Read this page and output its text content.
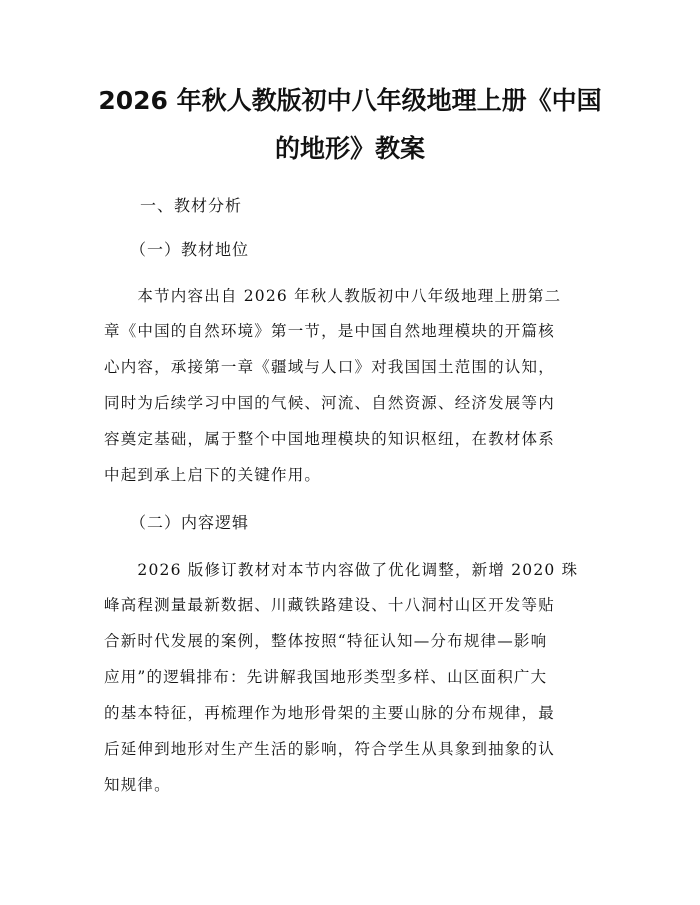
2026 年秋人教版初中八年级地理上册《中国
的地形》教案

一、教材分析

（一）教材地位

　　本节内容出自 2026 年秋人教版初中八年级地理上册第二
章《中国的自然环境》第一节，是中国自然地理模块的开篇核
心内容，承接第一章《疆域与人口》对我国国土范围的认知，
同时为后续学习中国的气候、河流、自然资源、经济发展等内
容奠定基础，属于整个中国地理模块的知识枢纽，在教材体系
中起到承上启下的关键作用。

（二）内容逻辑

　　2026 版修订教材对本节内容做了优化调整，新增 2020 珠
峰高程测量最新数据、川藏铁路建设、十八洞村山区开发等贴
合新时代发展的案例，整体按照“特征认知—分布规律—影响
应用”的逻辑排布：先讲解我国地形类型多样、山区面积广大
的基本特征，再梳理作为地形骨架的主要山脉的分布规律，最
后延伸到地形对生产生活的影响，符合学生从具象到抽象的认
知规律。
